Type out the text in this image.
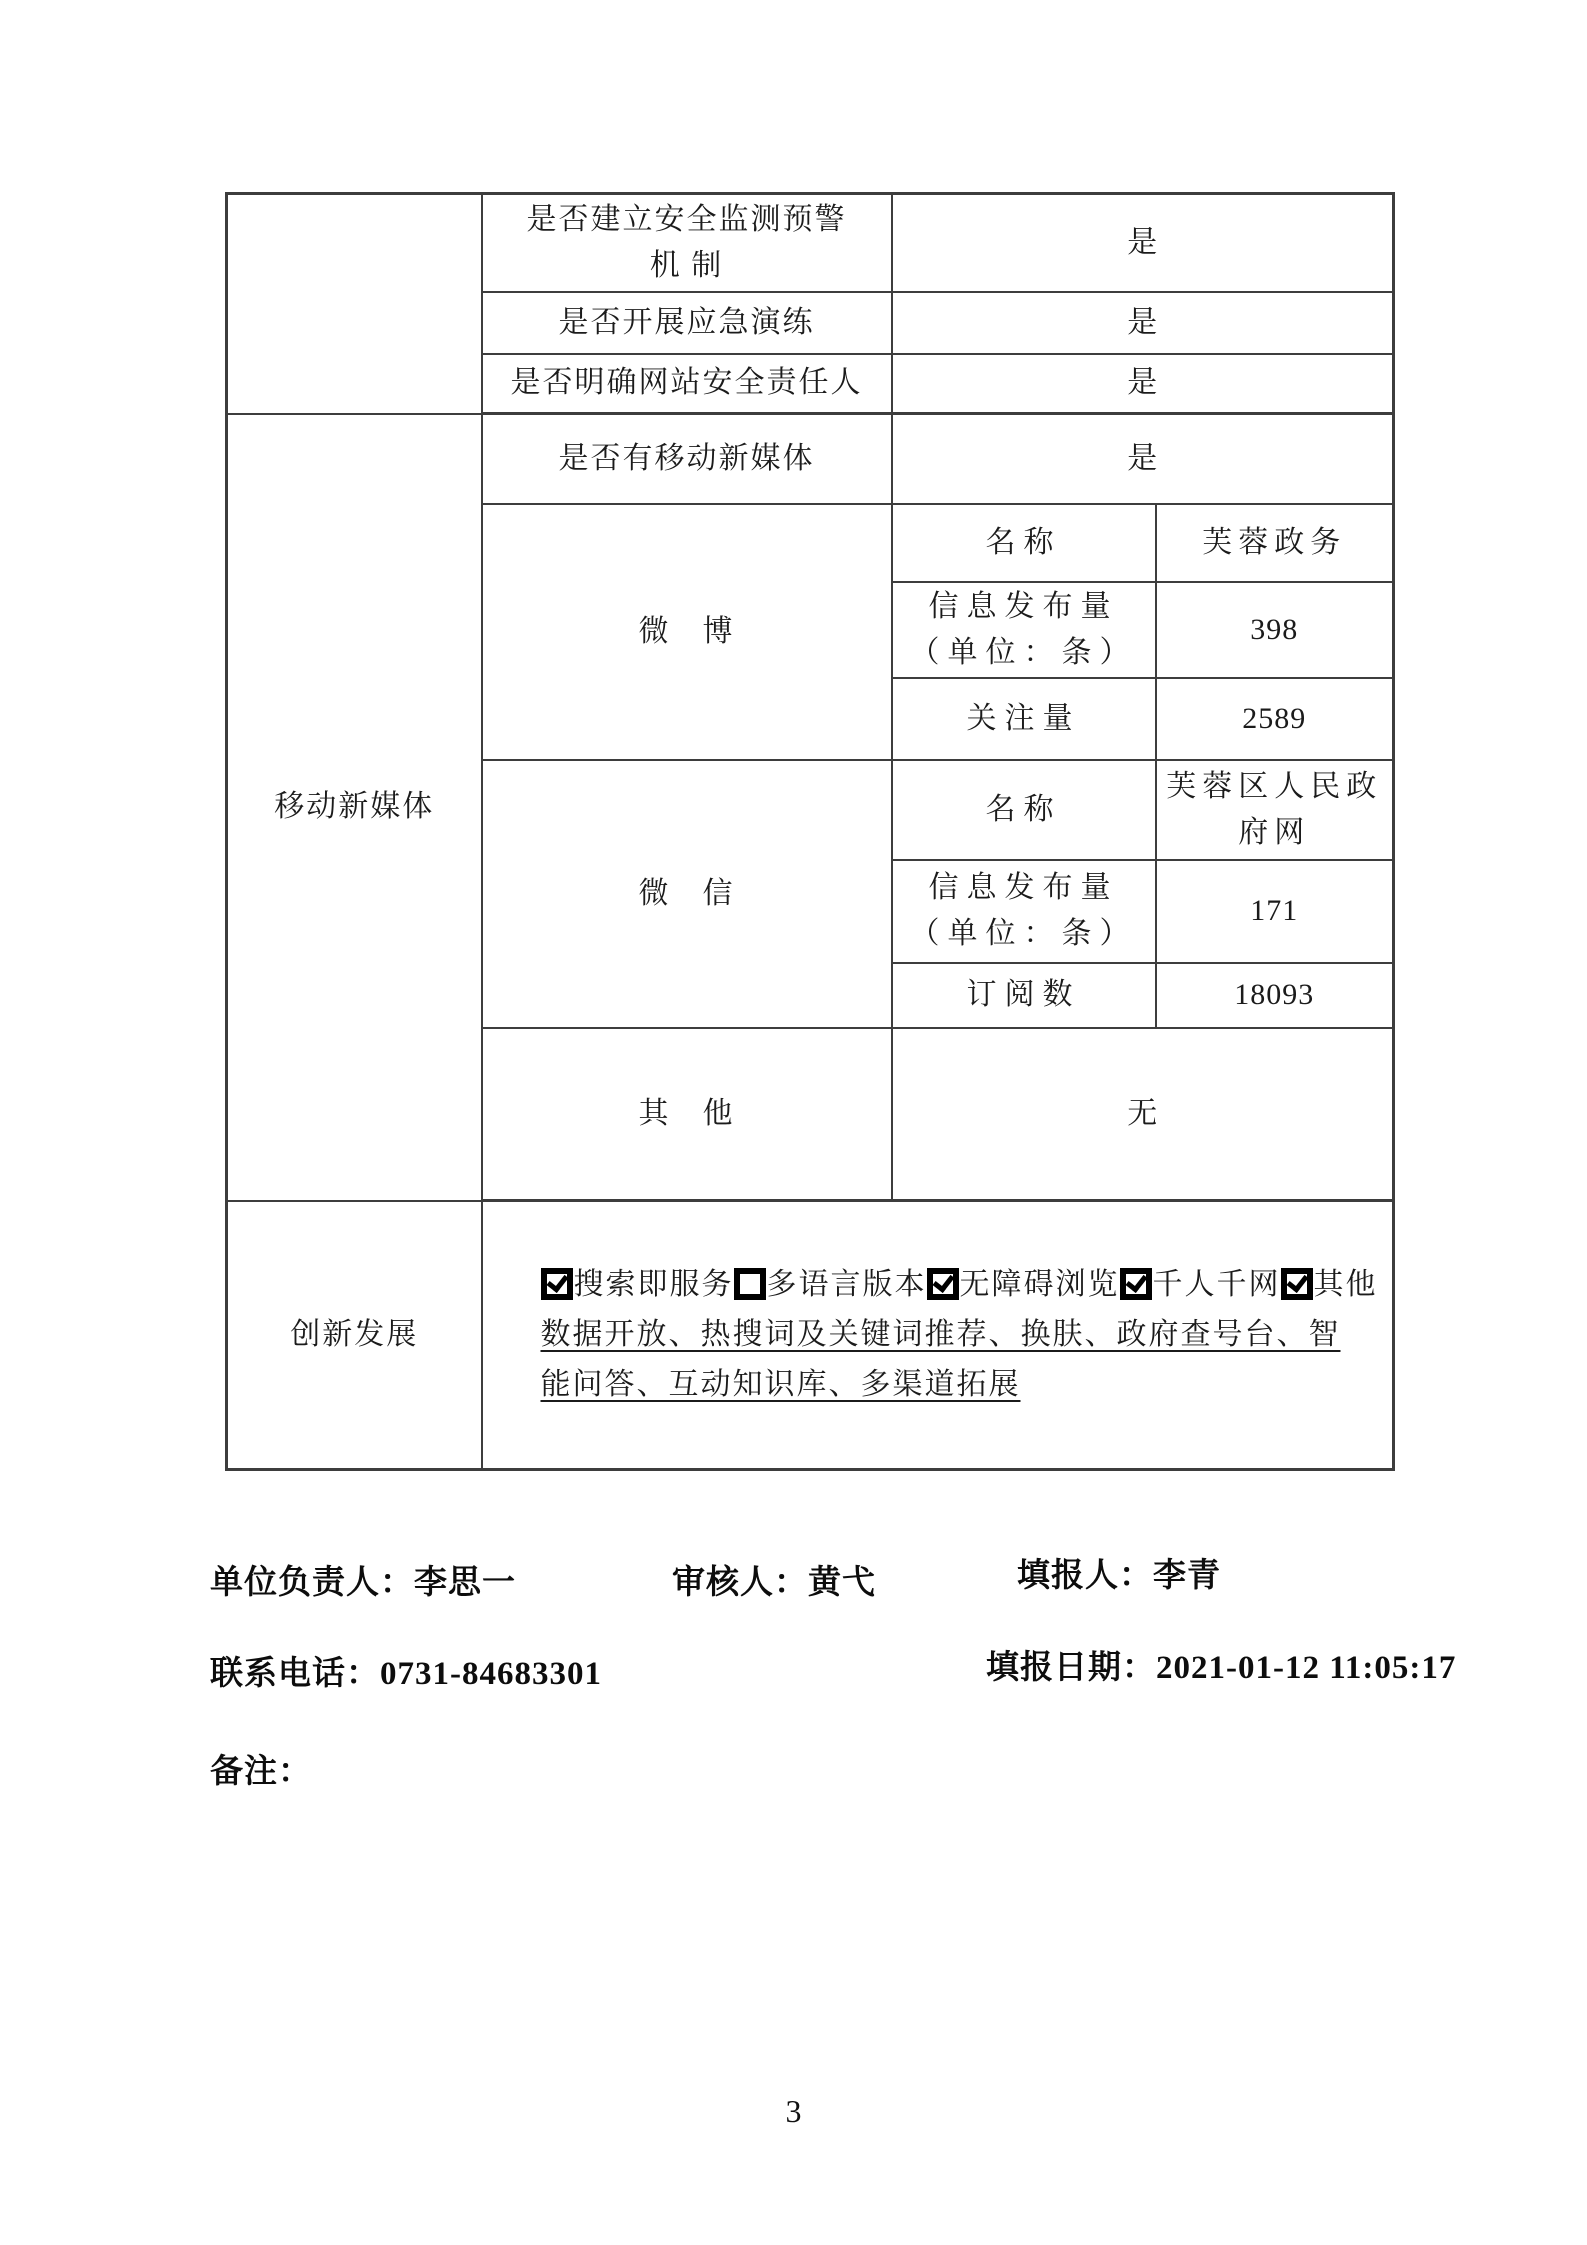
	是否建立安全监测预警
机 制	是	
	是否开展应急演练	是	
	是否明确网站安全责任人	是	
移动新媒体	是否有移动新媒体	是	
	微　博	名称	芙蓉政务

		信息发布量
（单位：条）	398
		关注量	2589
	微　信	名称	芙蓉区人民政府网

		信息发布量
（单位：条）	171
		订阅数	18093
	其　他	无	
创新发展	搜索即服务 多语言版本 无障碍浏览 千人千网 其他
数据开放、热搜词及关键词推荐、换肤、政府查号台、智能问答、互动知识库、多渠道拓展		
单位负责人：李思一	审核人：黄弋	填报人：李青
联系电话：0731-84683301	填报日期：2021-01-12 11:05:17
备注：
3
